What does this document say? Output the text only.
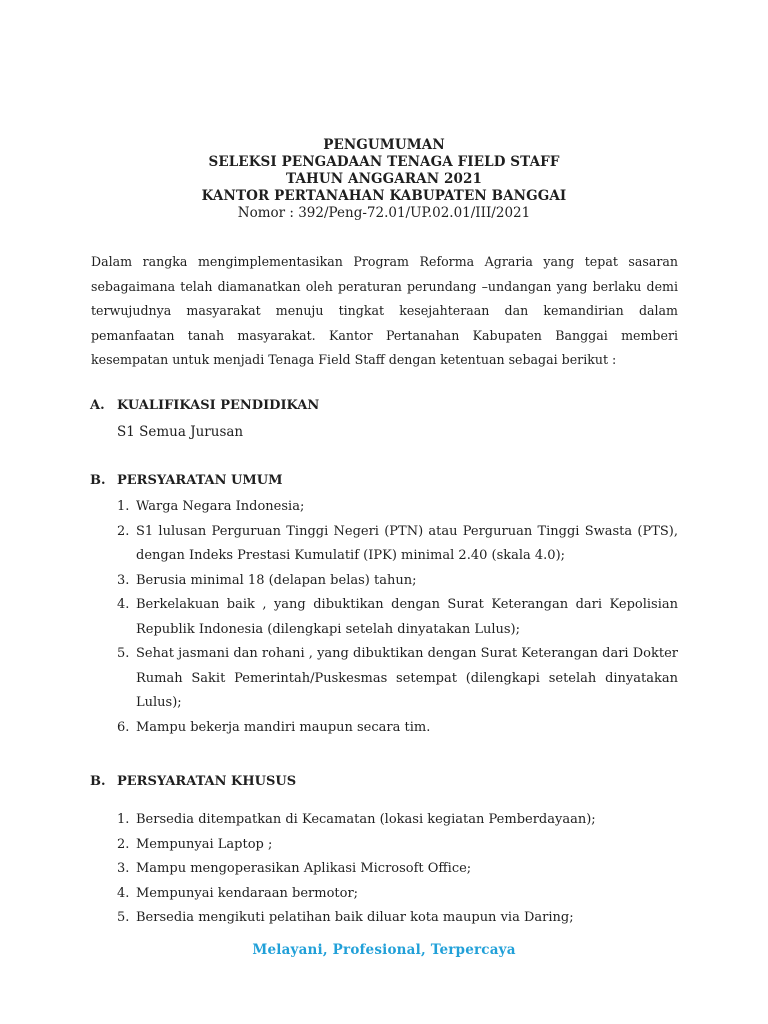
PENGUMUMAN
SELEKSI PENGADAAN TENAGA FIELD STAFF
TAHUN ANGGARAN 2021
KANTOR PERTANAHAN KABUPATEN BANGGAI
Nomor : 392/Peng-72.01/UP.02.01/III/2021
Dalam rangka mengimplementasikan Program Reforma Agraria yang tepat sasaran sebagaimana telah diamanatkan oleh peraturan perundang –undangan yang berlaku demi terwujudnya masyarakat menuju tingkat kesejahteraan dan kemandirian dalam pemanfaatan tanah masyarakat. Kantor Pertanahan Kabupaten Banggai memberi kesempatan untuk menjadi Tenaga Field Staff dengan ketentuan sebagai berikut :
A. KUALIFIKASI PENDIDIKAN
S1 Semua Jurusan
B. PERSYARATAN UMUM
1. Warga Negara Indonesia;
2. S1 lulusan Perguruan Tinggi Negeri (PTN) atau Perguruan Tinggi Swasta (PTS), dengan Indeks Prestasi Kumulatif (IPK) minimal 2.40 (skala 4.0);
3. Berusia minimal 18 (delapan belas) tahun;
4. Berkelakuan baik , yang dibuktikan dengan Surat Keterangan dari Kepolisian Republik Indonesia (dilengkapi setelah dinyatakan Lulus);
5. Sehat jasmani dan rohani , yang dibuktikan dengan Surat Keterangan dari Dokter Rumah Sakit Pemerintah/Puskesmas setempat (dilengkapi setelah dinyatakan Lulus);
6. Mampu bekerja mandiri maupun secara tim.
B. PERSYARATAN KHUSUS
1. Bersedia ditempatkan di Kecamatan (lokasi kegiatan Pemberdayaan);
2. Mempunyai Laptop ;
3. Mampu mengoperasikan Aplikasi Microsoft Office;
4. Mempunyai kendaraan bermotor;
5. Bersedia mengikuti pelatihan baik diluar kota maupun via Daring;
Melayani, Profesional, Terpercaya
